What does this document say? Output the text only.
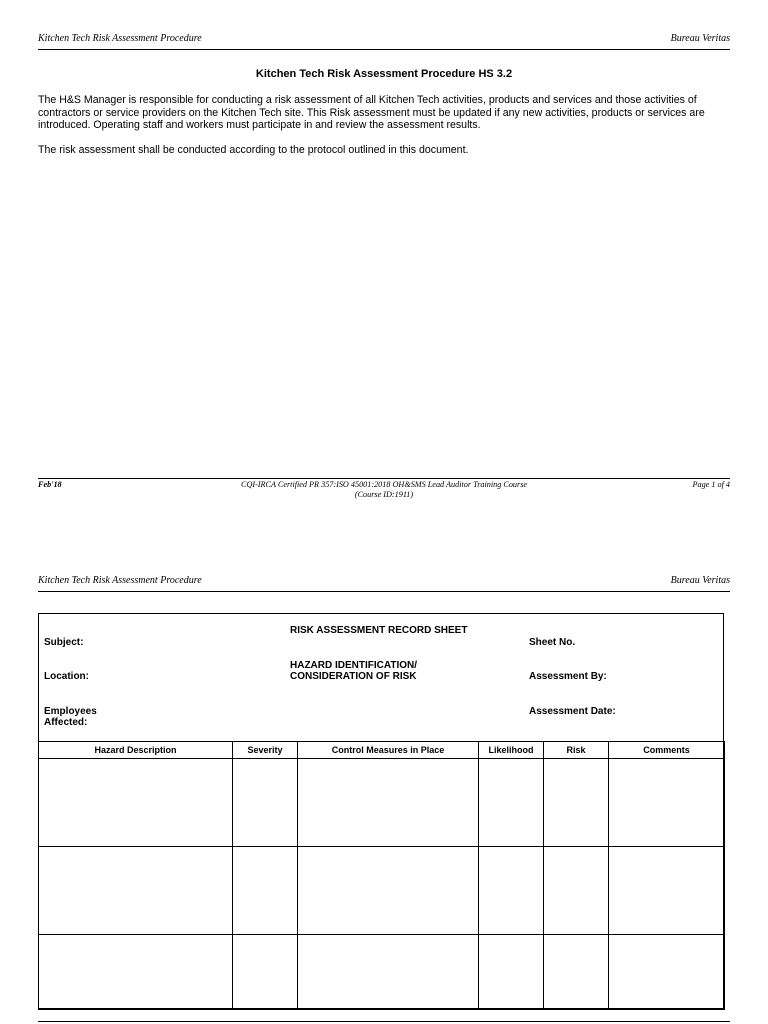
Kitchen Tech Risk Assessment Procedure	Bureau Veritas
Kitchen Tech Risk Assessment Procedure HS 3.2
The H&S Manager is responsible for conducting a risk assessment of all Kitchen Tech activities, products and services and those activities of
contractors or service providers on the Kitchen Tech site. This Risk assessment must be updated if any new activities, products or services are
introduced. Operating staff and workers must participate in and review the assessment results.
The risk assessment shall be conducted according to the protocol outlined in this document.
Feb'18	CQI-IRCA Certified PR 357:ISO 45001:2018 OH&SMS Lead Auditor Training Course
(Course ID:1911)
Page 1 of 4
Kitchen Tech Risk Assessment Procedure	Bureau Veritas
RISK ASSESSMENT RECORD SHEET
Subject:	Sheet No.
HAZARD IDENTIFICATION/
CONSIDERATION OF RISK
Location:	Assessment By:
Employees
Affected:
Assessment Date:
Hazard Description	Severity	Control Measures in Place	Likelihood	Risk	Comments
